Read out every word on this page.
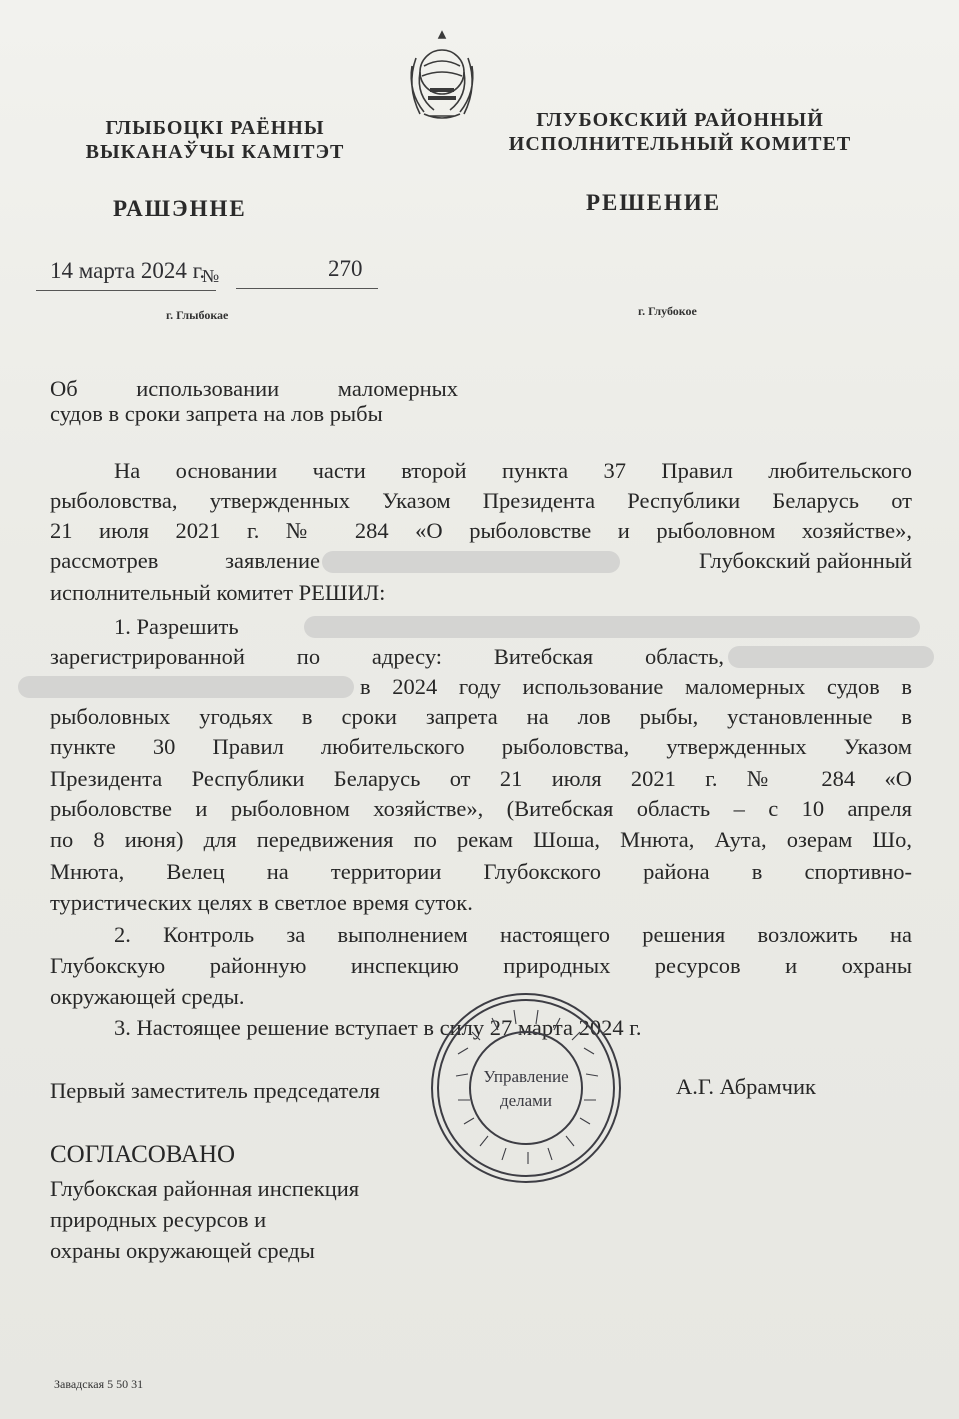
ГЛЫБОЦКІ РАЁННЫ
ВЫКАНАЎЧЫ КАМІТЭТ
ГЛУБОКСКИЙ РАЙОННЫЙ
ИСПОЛНИТЕЛЬНЫЙ КОМИТЕТ
РАШЭННЕ	РЕШЕНИЕ
14 марта 2024 г.
№	270
г. Глыбокае	г. Глубокое
Об использовании маломерных
судов в сроки запрета на лов рыбы
На основании части второй пункта 37 Правил любительского
рыболовства, утвержденных Указом Президента Республики Беларусь от
21 июля 2021 г. № 284 «О рыболовстве и рыболовном хозяйстве»,
рассмотрев заявление	Глубокский районный
исполнительный комитет РЕШИЛ:
1. Разрешить
зарегистрированной по адресу: Витебская область,
в 2024 году использование маломерных судов в
рыболовных угодьях в сроки запрета на лов рыбы, установленные в
пункте 30 Правил любительского рыболовства, утвержденных Указом
Президента Республики Беларусь от 21 июля 2021 г. № 284 «О
рыболовстве и рыболовном хозяйстве», (Витебская область – с 10 апреля
по 8 июня) для передвижения по рекам Шоша, Мнюта, Аута, озерам Шо,
Мнюта, Велец на территории Глубокского района в спортивно-
туристических целях в светлое время суток.
2. Контроль за выполнением настоящего решения возложить на
Глубокскую районную инспекцию природных ресурсов и охраны
окружающей среды.
3. Настоящее решение вступает в силу 27 марта 2024 г.
Первый заместитель председателя	А.Г. Абрамчик
Управление
делами
СОГЛАСОВАНО
Глубокская районная инспекция
природных ресурсов и
охраны окружающей среды
Завадская 5 50 31
